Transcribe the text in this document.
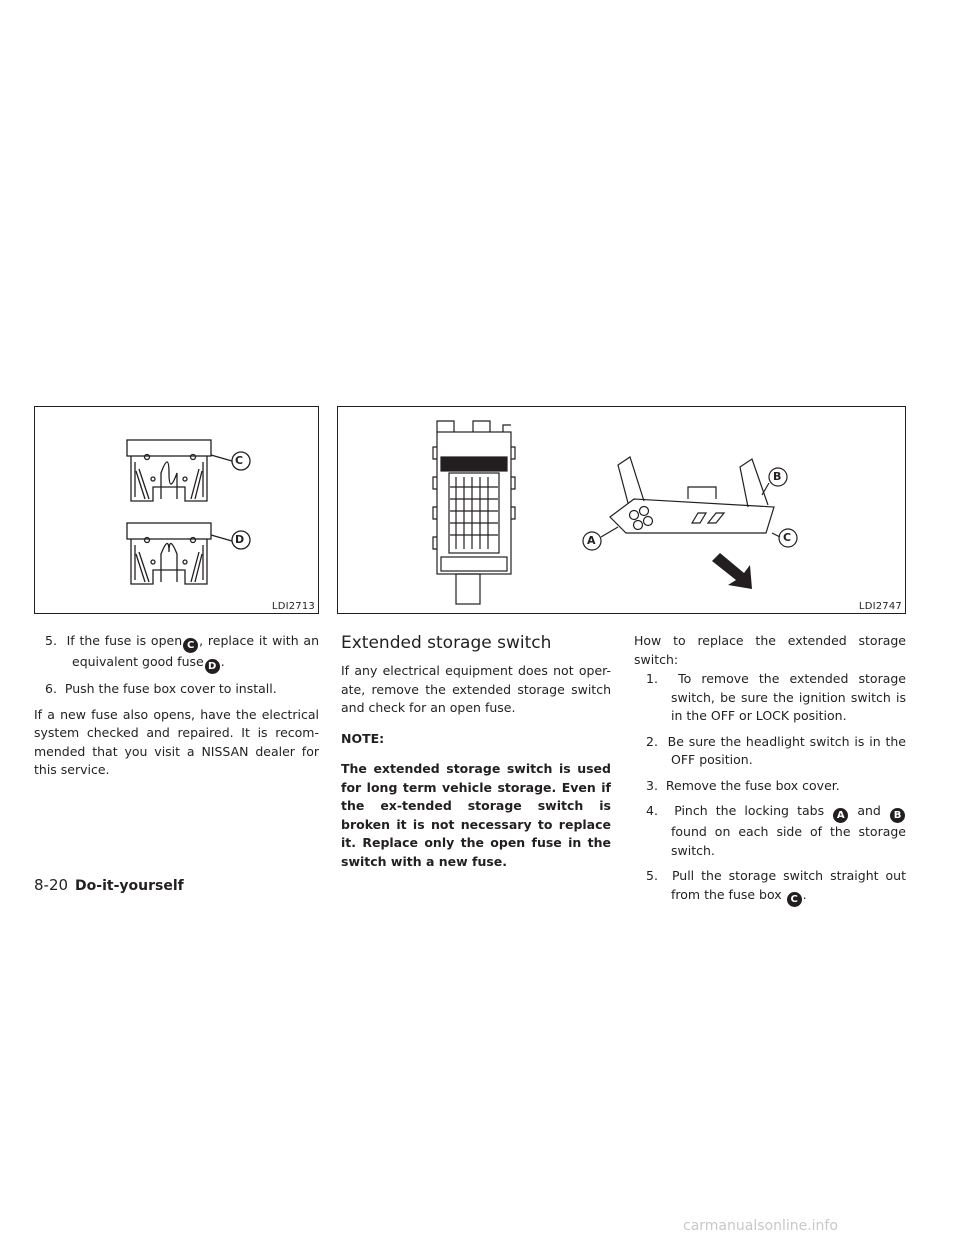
C
D
LDI2713
B
A	C
LDI2747

5. If the fuse is open C , replace it with an equivalent good fuse D .

6. Push the fuse box cover to install.

If a new fuse also opens, have the electrical system checked and repaired. It is recom-mended that you visit a NISSAN dealer for this service.

Extended storage switch

If any electrical equipment does not oper-ate, remove the extended storage switch and check for an open fuse.

NOTE:

The extended storage switch is used for long term vehicle storage. Even if the ex-tended storage switch is broken it is not necessary to replace it. Replace only the open fuse in the switch with a new fuse.

How to replace the extended storage switch:

1. To remove the extended storage switch, be sure the ignition switch is in the OFF or LOCK position.

2. Be sure the headlight switch is in the OFF position.

3. Remove the fuse box cover.

4. Pinch the locking tabs A and B found on each side of the storage switch.

5. Pull the storage switch straight out from the fuse box C .

8-20 Do-it-yourself
carmanualsonline.info
